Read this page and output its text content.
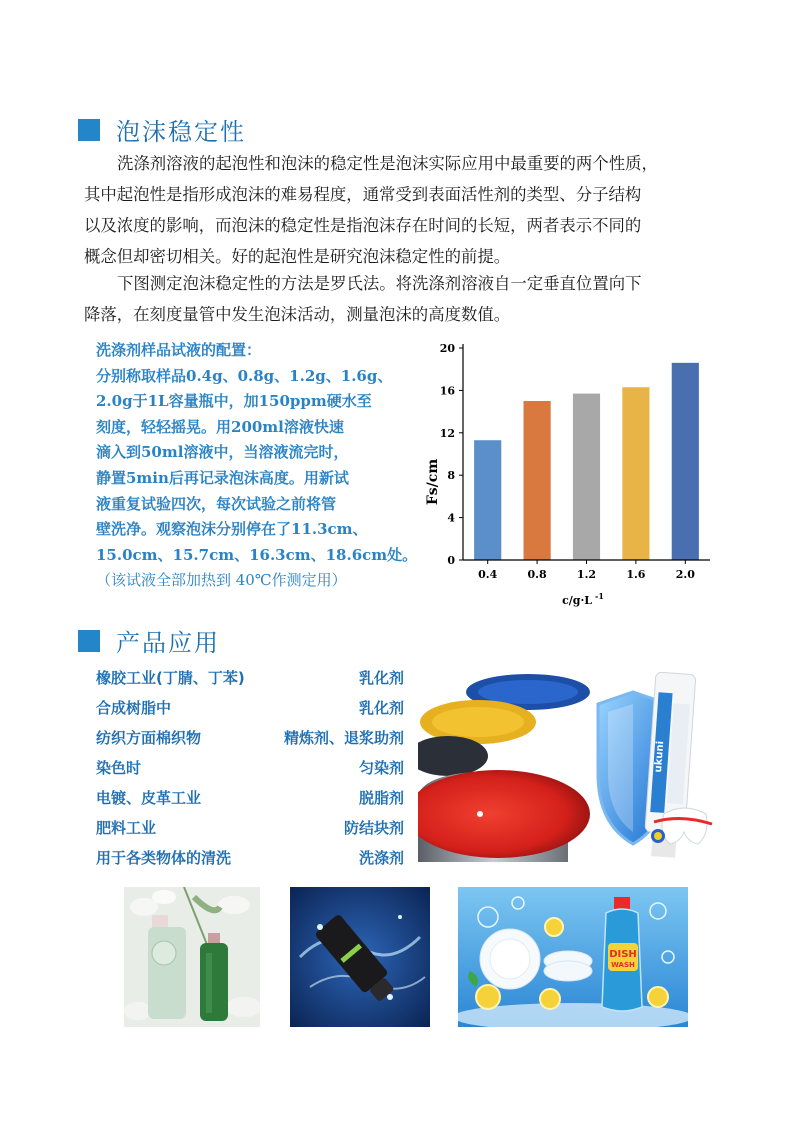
泡沫稳定性
洗涤剂溶液的起泡性和泡沫的稳定性是泡沫实际应用中最重要的两个性质，
其中起泡性是指形成泡沫的难易程度，通常受到表面活性剂的类型、分子结构
以及浓度的影响，而泡沫的稳定性是指泡沫存在时间的长短，两者表示不同的
概念但却密切相关。好的起泡性是研究泡沫稳定性的前提。
下图测定泡沫稳定性的方法是罗氏法。将洗涤剂溶液自一定垂直位置向下
降落，在刻度量管中发生泡沫活动，测量泡沫的高度数值。
洗涤剂样品试液的配置：
分别称取样品0.4g、0.8g、1.2g、1.6g、
2.0g于1L容量瓶中，加150ppm硬水至
刻度，轻轻摇晃。用200ml溶液快速
滴入到50ml溶液中，当溶液流完时，
静置5min后再记录泡沫高度。用新试
液重复试验四次，每次试验之前将管
壁洗净。观察泡沫分别停在了11.3cm、
15.0cm、15.7cm、16.3cm、18.6cm处。
（该试液全部加热到 40℃作测定用）	0.4	0.8	1.2	1.6	2.0
0
4
8
12
16
20
Fs/cm
c/g·L $^{-1}$
产品应用
橡胶工业(丁腈、丁苯)	乳化剂
合成树脂中	乳化剂
纺织方面棉织物	精炼剂、退浆助剂
染色时	匀染剂
电镀、皮革工业	脱脂剂
肥料工业	防结块剂
用于各类物体的清洗	洗涤剂
ukuni
DISH
WASH
